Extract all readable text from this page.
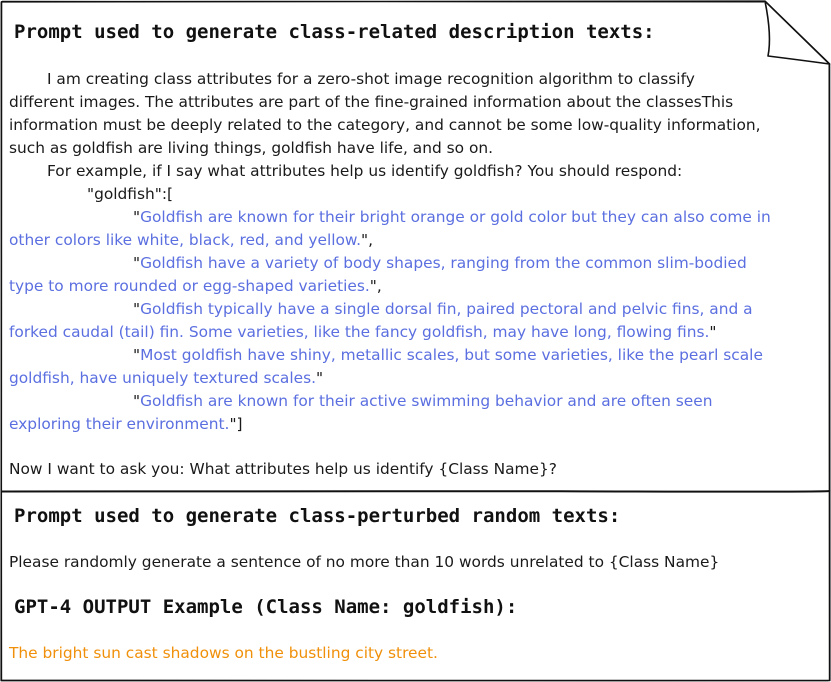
Prompt used to generate class-related description texts:
I am creating class attributes for a zero-shot image recognition algorithm to classify
different images. The attributes are part of the fine-grained information about the classesThis
information must be deeply related to the category, and cannot be some low-quality information,
such as goldfish are living things, goldfish have life, and so on.
For example, if I say what attributes help us identify goldfish? You should respond:
"goldfish":[
"Goldfish are known for their bright orange or gold color but they can also come in
other colors like white, black, red, and yellow.",
"Goldfish have a variety of body shapes, ranging from the common slim-bodied
type to more rounded or egg-shaped varieties.",
"Goldfish typically have a single dorsal fin, paired pectoral and pelvic fins, and a
forked caudal (tail) fin. Some varieties, like the fancy goldfish, may have long, flowing fins."
"Most goldfish have shiny, metallic scales, but some varieties, like the pearl scale
goldfish, have uniquely textured scales."
"Goldfish are known for their active swimming behavior and are often seen
exploring their environment."]
Now I want to ask you: What attributes help us identify {Class Name}?
Prompt used to generate class-perturbed random texts:
Please randomly generate a sentence of no more than 10 words unrelated to {Class Name}
GPT-4 OUTPUT Example (Class Name: goldfish):
The bright sun cast shadows on the bustling city street.
